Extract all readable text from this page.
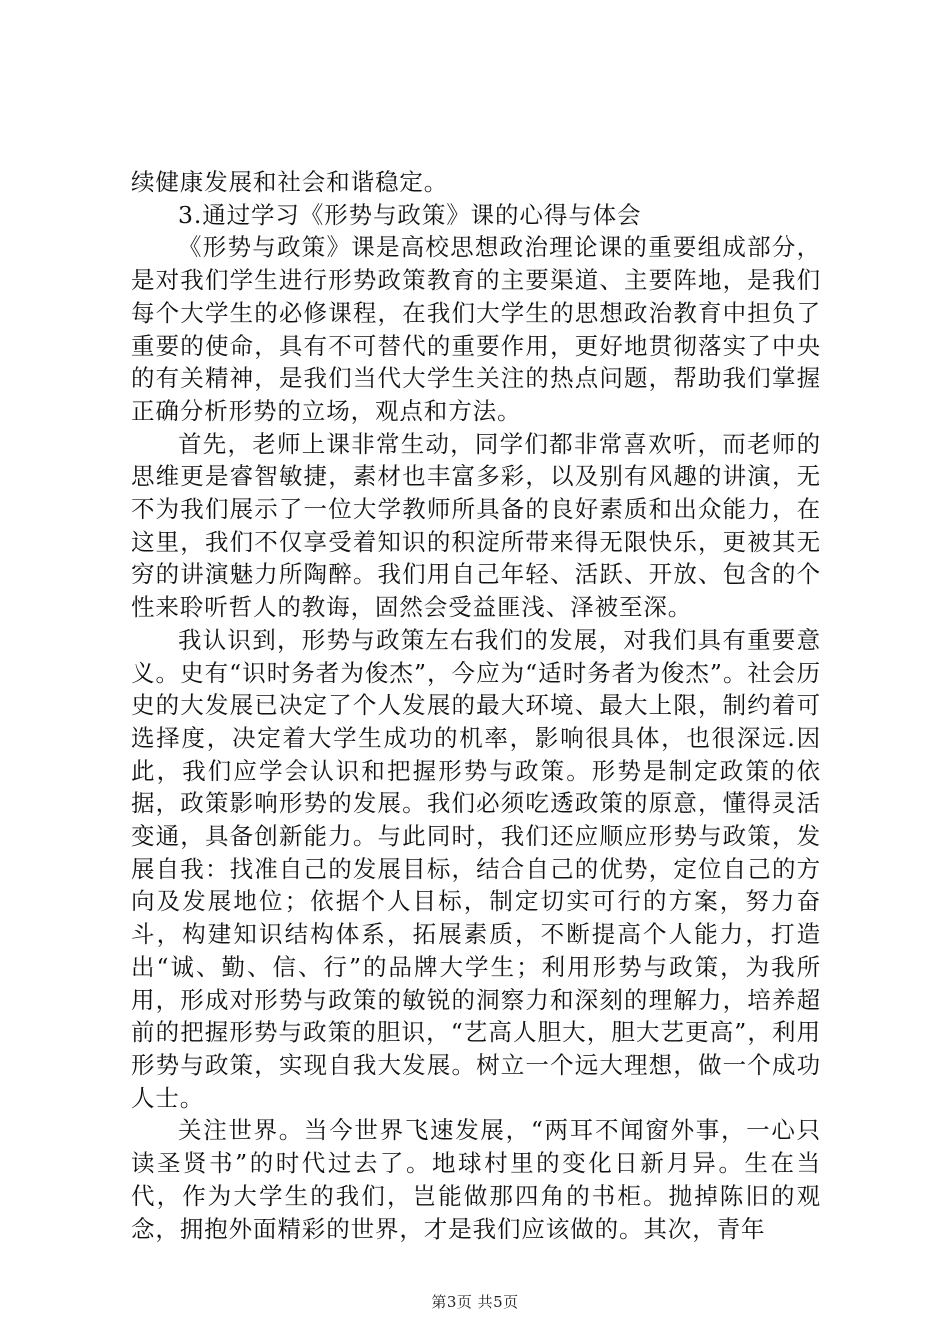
续健康发展和社会和谐稳定。

3.通过学习《形势与政策》课的心得与体会

《形势与政策》课是高校思想政治理论课的重要组成部分，是对我们学生进行形势政策教育的主要渠道、主要阵地，是我们每个大学生的必修课程，在我们大学生的思想政治教育中担负了重要的使命，具有不可替代的重要作用，更好地贯彻落实了中央的有关精神，是我们当代大学生关注的热点问题，帮助我们掌握正确分析形势的立场，观点和方法。

首先，老师上课非常生动，同学们都非常喜欢听，而老师的思维更是睿智敏捷，素材也丰富多彩，以及别有风趣的讲演，无不为我们展示了一位大学教师所具备的良好素质和出众能力，在这里，我们不仅享受着知识的积淀所带来得无限快乐，更被其无穷的讲演魅力所陶醉。我们用自己年轻、活跃、开放、包含的个性来聆听哲人的教诲，固然会受益匪浅、泽被至深。

我认识到，形势与政策左右我们的发展，对我们具有重要意义。史有“识时务者为俊杰”，今应为“适时务者为俊杰”。社会历史的大发展已决定了个人发展的最大环境、最大上限，制约着可选择度，决定着大学生成功的机率，影响很具体，也很深远.因此，我们应学会认识和把握形势与政策。形势是制定政策的依据，政策影响形势的发展。我们必须吃透政策的原意，懂得灵活变通，具备创新能力。与此同时，我们还应顺应形势与政策，发展自我：找准自己的发展目标，结合自己的优势，定位自己的方向及发展地位；依据个人目标，制定切实可行的方案，努力奋斗，构建知识结构体系，拓展素质，不断提高个人能力，打造出“诚、勤、信、行”的品牌大学生；利用形势与政策，为我所用，形成对形势与政策的敏锐的洞察力和深刻的理解力，培养超前的把握形势与政策的胆识，“艺高人胆大，胆大艺更高”，利用形势与政策，实现自我大发展。树立一个远大理想，做一个成功人士。

关注世界。当今世界飞速发展，“两耳不闻窗外事，一心只读圣贤书”的时代过去了。地球村里的变化日新月异。生在当代，作为大学生的我们，岂能做那四角的书柜。抛掉陈旧的观念，拥抱外面精彩的世界，才是我们应该做的。其次，青年

第3页 共5页
